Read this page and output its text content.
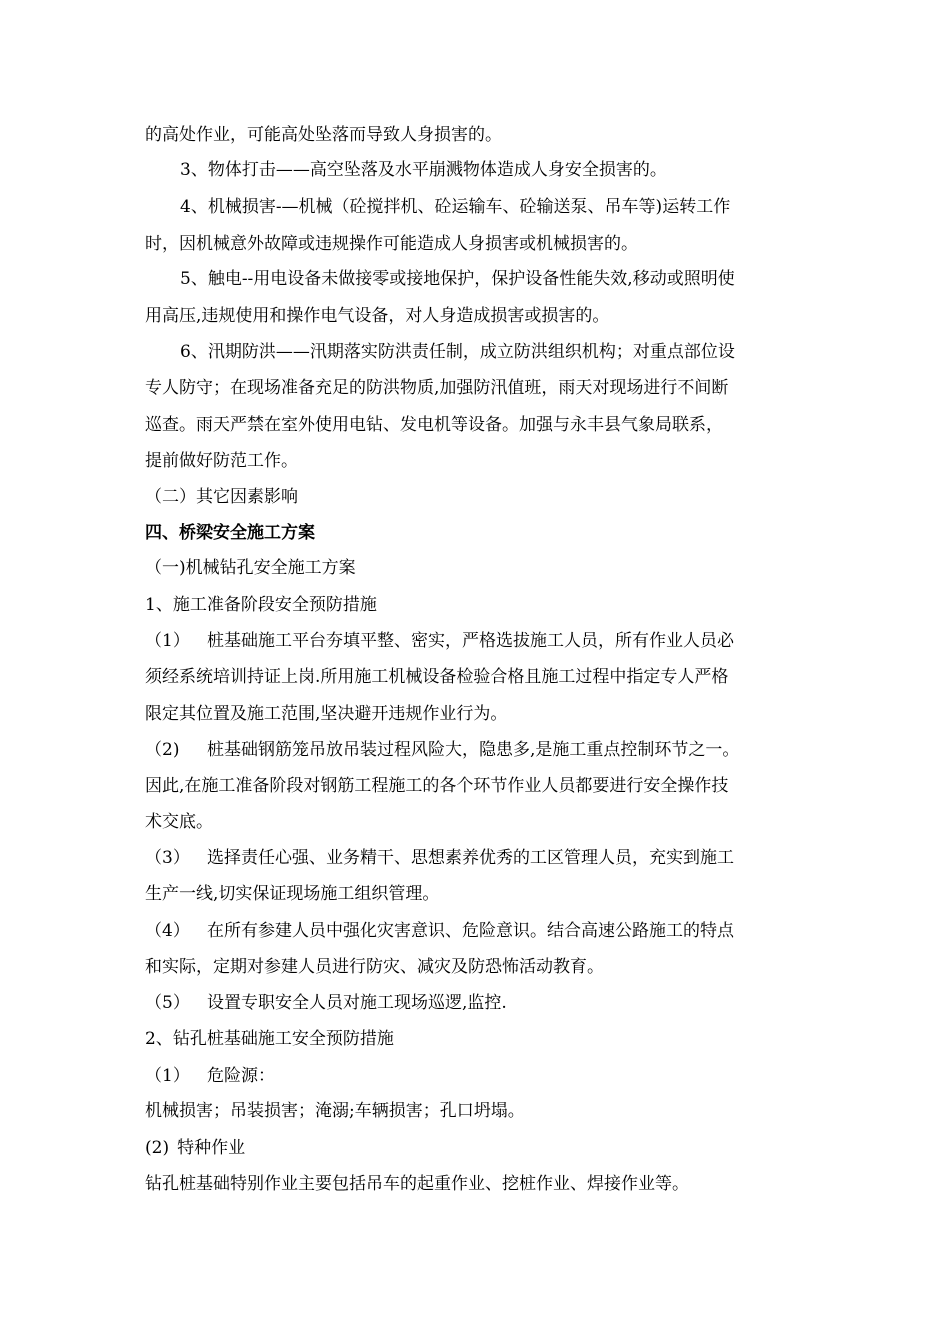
的高处作业，可能高处坠落而导致人身损害的。
3、物体打击——高空坠落及水平崩溅物体造成人身安全损害的。
4、机械损害-—机械（砼搅拌机、砼运输车、砼输送泵、吊车等)运转工作
时，因机械意外故障或违规操作可能造成人身损害或机械损害的。
5、触电--用电设备未做接零或接地保护，保护设备性能失效,移动或照明使
用高压,违规使用和操作电气设备，对人身造成损害或损害的。
6、汛期防洪——汛期落实防洪责任制，成立防洪组织机构；对重点部位设
专人防守；在现场准备充足的防洪物质,加强防汛值班，雨天对现场进行不间断
巡查。雨天严禁在室外使用电钻、发电机等设备。加强与永丰县气象局联系，
提前做好防范工作。
（二）其它因素影响
四、桥梁安全施工方案
（一)机械钻孔安全施工方案
1、施工准备阶段安全预防措施
（1） 桩基础施工平台夯填平整、密实，严格选拔施工人员，所有作业人员必
须经系统培训持证上岗.所用施工机械设备检验合格且施工过程中指定专人严格
限定其位置及施工范围,坚决避开违规作业行为。
（2) 桩基础钢筋笼吊放吊装过程风险大，隐患多,是施工重点控制环节之一。
因此,在施工准备阶段对钢筋工程施工的各个环节作业人员都要进行安全操作技
术交底。
（3） 选择责任心强、业务精干、思想素养优秀的工区管理人员，充实到施工
生产一线,切实保证现场施工组织管理。
（4） 在所有参建人员中强化灾害意识、危险意识。结合高速公路施工的特点
和实际，定期对参建人员进行防灾、减灾及防恐怖活动教育。
（5） 设置专职安全人员对施工现场巡逻,监控.
2、钻孔桩基础施工安全预防措施
（1） 危险源：
机械损害；吊装损害；淹溺;车辆损害；孔口坍塌。
(2) 特种作业
钻孔桩基础特别作业主要包括吊车的起重作业、挖桩作业、焊接作业等。
